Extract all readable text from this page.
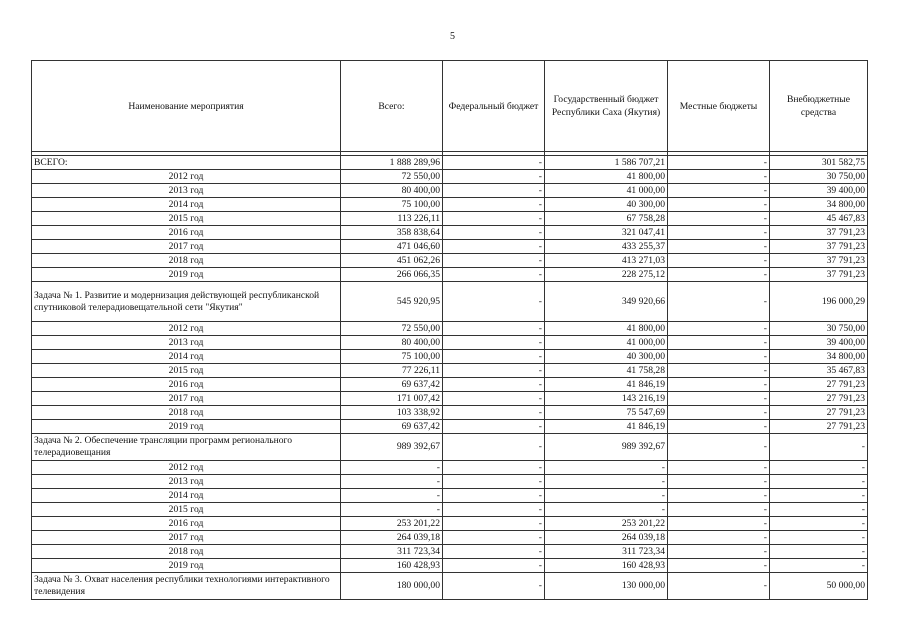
5
Наименование мероприятия	Всего:	Федеральный бюджет	Государственный бюджет Республики Саха (Якутия)	Местные бюджеты	Внебюджетные средства

ВСЕГО:	1 888 289,96	-	1 586 707,21	-	301 582,75
2012 год	72 550,00	-	41 800,00	-	30 750,00
2013 год	80 400,00	-	41 000,00	-	39 400,00
2014 год	75 100,00	-	40 300,00	-	34 800,00
2015 год	113 226,11	-	67 758,28	-	45 467,83
2016 год	358 838,64	-	321 047,41	-	37 791,23
2017 год	471 046,60	-	433 255,37	-	37 791,23
2018 год	451 062,26	-	413 271,03	-	37 791,23
2019 год	266 066,35	-	228 275,12	-	37 791,23
Задача № 1. Развитие и модернизация действующей республиканской спутниковой телерадиовещательной сети "Якутия"	545 920,95	-	349 920,66	-	196 000,29
2012 год	72 550,00	-	41 800,00	-	30 750,00
2013 год	80 400,00	-	41 000,00	-	39 400,00
2014 год	75 100,00	-	40 300,00	-	34 800,00
2015 год	77 226,11	-	41 758,28	-	35 467,83
2016 год	69 637,42	-	41 846,19	-	27 791,23
2017 год	171 007,42	-	143 216,19	-	27 791,23
2018 год	103 338,92	-	75 547,69	-	27 791,23
2019 год	69 637,42	-	41 846,19	-	27 791,23
Задача № 2. Обеспечение трансляции программ регионального телерадиовещания	989 392,67	-	989 392,67	-	-
2012 год	-	-	-	-	-
2013 год	-	-	-	-	-
2014 год	-	-	-	-	-
2015 год	-	-	-	-	-
2016 год	253 201,22	-	253 201,22	-	-
2017 год	264 039,18	-	264 039,18	-	-
2018 год	311 723,34	-	311 723,34	-	-
2019 год	160 428,93	-	160 428,93	-	-
Задача № 3. Охват населения республики технологиями интерактивного телевидения	180 000,00	-	130 000,00	-	50 000,00
